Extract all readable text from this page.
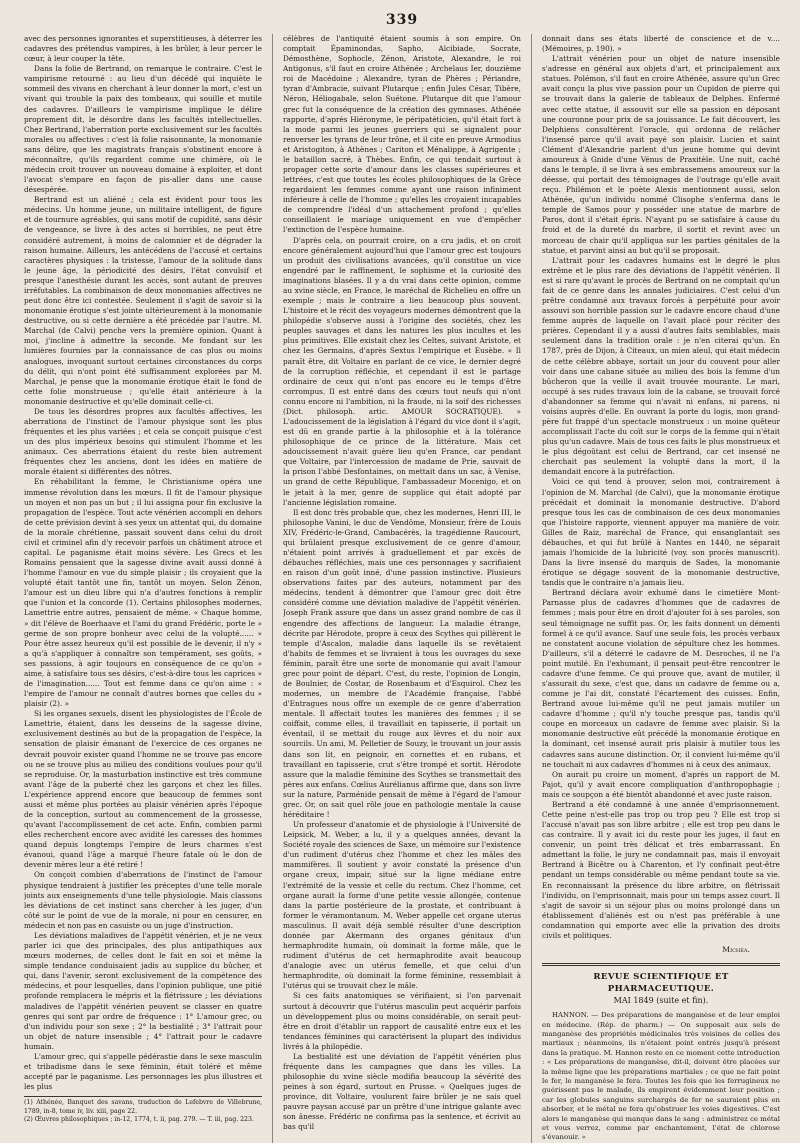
339

avec des personnes ignorantes et superstitieuses, à déterrer les cadavres des prétendus vampires, à les brûler, à leur percer le cœur, à leur couper la tête.

Dans la folie de Bertrand, on remarque le contraire. C'est le vampirisme retourné : au lieu d'un décédé qui inquiète le sommeil des vivans en cherchant à leur donner la mort, c'est un vivant qui trouble la paix des tombeaux, qui souille et mutile des cadavres. D'ailleurs le vampirisme implique le délire proprement dit, le désordre dans les facultés intellectuelles. Chez Bertrand, l'aberration porte exclusivement sur les facultés morales ou affectives : c'est là folie raisonnante, la monomanie sans délire, que les magistrats français s'obstinent encore à méconnaître, qu'ils regardent comme une chimère, où le médecin croit trouver un nouveau domaine à exploiter, et dont l'avocat s'empare en façon de pis-aller dans une cause désespérée.

Bertrand est un aliéné ; cela est évident pour tous les médecins. Un homme jeune, un militaire intelligent, de figure et de tournure agréables, qui sans motif de cupidité, sans désir de vengeance, se livre à des actes si horribles, ne peut être considéré autrement, à moins de calomnier et de dégrader la raison humaine. Ailleurs, les antécédens de l'accusé et certains caractères physiques : la tristesse, l'amour de la solitude dans le jeune âge, la périodicité des désirs, l'état convulsif et presque l'anesthésie durant les accès, sont autant de preuves irréfutables. La combinaison de deux monomanies affectives ne peut donc être ici contestée. Seulement il s'agit de savoir si la monomanie érotique s'est jointe ultérieurement à la monomanie destructive, ou si cette dernière a été précédée par l'autre. M. Marchal (de Calvi) penche vers la première opinion. Quant à moi, j'incline à admettre la seconde. Me fondant sur les lumières fournies par la connaissance de cas plus ou moins analogues, invoquant surtout certaines circonstances du corps du délit, qui n'ont point été suffisamment explorées par M. Marchal, je pense que la monomanie érotique était le fond de cette folie monstrueuse ; qu'elle était antérieure à la monomanie destructive et qu'elle dominait celle-ci.

De tous les désordres propres aux facultés affectives, les aberrations de l'instinct de l'amour physique sont les plus fréquentes et les plus variées ; et cela se conçoit puisque c'est un des plus impérieux besoins qui stimulent l'homme et les animaux. Ces aberrations étaient du reste bien autrement fréquentes chez les anciens, dont les idées en matière de morale étaient si différentes des nôtres.

En réhabilitant la femme, le Christianisme opéra une immense révolution dans les mœurs. Il fit de l'amour physique un moyen et non pas un but ; il lui assigna pour fin exclusive la propagation de l'espèce. Tout acte vénérien accompli en dehors de cette prévision devint à ses yeux un attentat qui, du domaine de la morale chrétienne, passait souvent dans celui du droit civil et criminel afin d'y recevoir parfois un châtiment atroce et capital. Le paganisme était moins sévère. Les Grecs et les Romains pensaient que la sagesse divine avait aussi donné à l'homme l'amour en vue du simple plaisir ; ils croyaient que la volupté était tantôt une fin, tantôt un moyen. Selon Zénon, l'amour est un dieu libre qui n'a d'autres fonctions à remplir que l'union et la concorde (1). Certains philosophes modernes, Lamettrie entre autres, pensaient de même. « Chaque homme, » dit l'élève de Boerhaave et l'ami du grand Frédéric, porte le » germe de son propre bonheur avec celui de la volupté...... » Pour être assez heureux qu'il est possible de le devenir, il n'y » a qu'à s'appliquer à connaître son tempérament, ses goûts, » ses passions, à agir toujours en conséquence de ce qu'on » aime, à satisfaire tous ses désirs, c'est-à-dire tous les caprices » de l'imagination...... Tout est femme dans ce qu'on aime : » l'empire de l'amour ne connaît d'autres bornes que celles du » plaisir (2). »

Si les organes sexuels, disent les physiologistes de l'École de Lamettrie, étaient, dans les desseins de la sagesse divine, exclusivement destinés au but de la propagation de l'espèce, la sensation de plaisir émanant de l'exercice de ces organes ne devrait pouvoir exister quand l'homme ne se trouve pas encore ou ne se trouve plus au milieu des conditions voulues pour qu'il se reproduise. Or, la masturbation instinctive est très commune avant l'âge de la puberté chez les garçons et chez les filles. L'expérience apprend encore que beaucoup de femmes sont aussi et même plus portées au plaisir vénérien après l'époque de la conception, surtout au commencement de la grossesse, qu'avant l'accomplissement de cet acte. Enfin, combien parmi elles recherchent encore avec avidité les caresses des hommes quand depuis longtemps l'empire de leurs charmes s'est évanoui, quand l'âge a marqué l'heure fatale où le don de devenir mères leur a été retiré !

On conçoit combien d'aberrations de l'instinct de l'amour physique tendraient à justifier les préceptes d'une telle morale joints aux enseignements d'une telle physiologie. Mais classons les déviations de cet instinct sans chercher à les juger, d'un côté sur le point de vue de la morale, ni pour en censurer, en médecin et non pas en casuiste ou un juge d'instruction.

Les déviations maladives de l'appétit vénérien, et je ne veux parler ici que des principales, des plus antipathiques aux mœurs modernes, de celles dont le fait en soi et même la simple tendance conduisaient jadis au supplice du bûcher, et qui, dans l'avenir, seront exclusivement de la compétence des médecins, et pour lesquelles, dans l'opinion publique, une pitié profonde remplacera le mépris et la flétrissure ; les déviations maladives de l'appétit vénérien peuvent se classer en quatre genres qui sont par ordre de fréquence : 1° L'amour grec, ou d'un individu pour son sexe ; 2° la bestialité ; 3° l'attrait pour un objet de nature insensible ; 4° l'attrait pour le cadavre humain.

L'amour grec, qui s'appelle pédérastie dans le sexe masculin et tribadisme dans le sexe féminin, était toléré et même accepté par le paganisme. Les personnages les plus illustres et les plus

(1) Athénée, Banquet des savans, traduction de Lefebvre de Villebrune, 1789, in-8, tome iv, liv. xiii, page 22.

(2) Œuvres philosophiques ; in-12, 1774, t. ii, pag. 279. — T. iii, pag. 223.

célèbres de l'antiquité étaient soumis à son empire. On comptait Épaminondas, Sapho, Alcibiade, Socrate, Démosthène, Sophocle, Zénon, Aristote, Alexandre, le roi Antigonus, s'il faut en croire Athénée ; Archelaus Ier, douzième roi de Macédoine ; Alexandre, tyran de Phères ; Périandre, tyran d'Ambracie, suivant Plutarque ; enfin Jules César, Tibère, Néron, Héliogabale, selon Suétone. Plutarque dit que l'amour grec fut la conséquence de la création des gymnases. Athénée rapporte, d'après Hiéronyme, le péripatéticien, qu'il était fort à la mode parmi les jeunes guerriers qui se signalent pour renverser les tyrans de leur trône, et il cite en preuve Armodius et Aristogiton, à Athènes ; Cariton et Ménalippe, à Agrigente ; le bataillon sacré, à Thèbes. Enfin, ce qui tendait surtout à propager cette sorte d'amour dans les classes supérieures et lettrées, c'est que toutes les écoles philosophiques de la Grèce regardaient les femmes comme ayant une raison infiniment inférieure à celle de l'homme ; qu'elles les croyaient incapables de comprendre l'idéal d'un attachement profond ; qu'elles conseillaient le mariage uniquement en vue d'empêcher l'extinction de l'espèce humaine.

D'après cela, on pourrait croire, on a cru jadis, et on croit encore généralement aujourd'hui que l'amour grec est toujours un produit des civilisations avancées, qu'il constitue un vice engendré par le raffinement, le sophisme et la curiosité des imaginations blasées. Il y a du vrai dans cette opinion, comme au xvine siècle, en France, le maréchal de Richelieu en offre un exemple ; mais le contraire a lieu beaucoup plus souvent. L'histoire et le récit des voyageurs modernes démontrent que la philopédie s'observe aussi à l'origine des sociétés, chez les peuples sauvages et dans les natures les plus incultes et les plus primitives. Elle existait chez les Celtes, suivant Aristote, et chez les Germains, d'après Sextus l'empirique et Eusèbe. « Il paraît être, dit Voltaire en parlant de ce vice, le dernier degré de la corruption réfléchie, et cependant il est le partage ordinaire de ceux qui n'ont pas encore eu le temps d'être corrompus. Il est entré dans des cœurs tout neufs qui n'ont connu encore ni l'ambition, ni la fraude, ni la soif des richesses (Dict. philosoph. artic. AMOUR SOCRATIQUE). » L'adoucissement de la législation à l'égard du vice dont il s'agit, est dû en grande partie à la philosophie et à la tolérance philosophique de ce prince de la littérature. Mais cet adoucissement n'avait guère lieu qu'en France, car pendant que Voltaire, par l'intercession de madame de Prie, sauvait de la prison l'abbé Desfontaines, on mettait dans un sac, à Venise, un grand de cette République, l'ambassadeur Mocenigo, et on le jetait à la mer, genre de supplice qui était adopté par l'ancienne législation romaine.

Il est donc très probable que, chez les modernes, Henri III, le philosophe Vanini, le duc de Vendôme, Monsieur, frère de Louis XIV, Frédéric-le-Grand, Cambacérès, la tragédienne Raucourt, qui brûlaient presque exclusivement de ce genre d'amour, n'étaient point arrivés à graduellement et par excès de débauches réfléchies, mais une ces personnages y sacrifiaient en raison d'un goût inné, d'une passion instinctive. Plusieurs observations faites par des auteurs, notamment par des médecins, tendent à démontrer que l'amour grec doit être considéré comme une déviation maladive de l'appétit vénérien. Joseph Frank assure que dans un assez grand nombre de cas il engendre des affections de langueur. La maladie étrange, décrite par Hérodote, propre à ceux des Scythes qui pillèrent le temple d'Ascalon, maladie dans laquelle ils se revêtaient d'habits de femmes et se livraient à tous les ouvrages du sexe féminin, paraît être une sorte de monomanie qui avait l'amour grec pour point de départ. C'est, du reste, l'opinion de Longin, de Boulnier, de Costar, de Rosenbaum et d'Esquirol. Chez les modernes, un membre de l'Académie française, l'abbé d'Entragues nous offre un exemple de ce genre d'aberration mentale. Il affectait toutes les manières des femmes ; il se coiffait, comme elles, il travaillait en tapisserie, il portait un éventail, il se mettait du rouge aux lèvres et du noir aux sourcils. Un ami, M. Pelletier de Souzy, le trouvant un jour assis dans son lit, en peignoir, en cornettes et en rubans, et travaillant en tapisserie, crut s'être trompé et sortit. Hérodote assure que la maladie féminine des Scythes se transmettait des pères aux enfans. Cœlius Aurélianus affirme que, dans son livre sur la nature, Parménide pensait de même à l'égard de l'amour grec. Or, on sait quel rôle joue en pathologie mentale la cause héréditaire !

Un professeur d'anatomie et de physiologie à l'Université de Leipsick, M. Weber, a lu, il y a quelques années, devant la Société royale des sciences de Saxe, un mémoire sur l'existence d'un rudiment d'utérus chez l'homme et chez les mâles des mammifères. Il soutient y avoir constaté la présence d'un organe creux, impair, situé sur la ligne médiane entre l'extrémité de la vessie et celle du rectum. Chez l'homme, cet organe aurait la forme d'une petite vessie allongée, contenue dans la partie postérieure de la prostate, et contribuant à former le véramontanum. M. Weber appelle cet organe uterus masculinus. Il avait déjà semblé résulter d'une description donnée par Akermann des organes génitaux d'un hermaphrodite humain, où dominait la forme mâle, que le rudiment d'utérus de cet hermaphrodite avait beaucoup d'analogie avec un utérus femelle, et que celui d'un hermaphrodite, où dominait la forme féminine, ressemblait à l'utérus qui se trouvait chez le mâle.

Si ces faits anatomiques se vérifiaient, si l'on parvenait surtout à découvrir que l'utérus masculin peut acquérir parfois un développement plus ou moins considérable, on serait peut-être en droit d'établir un rapport de causalité entre eux et les tendances féminines qui caractérisent la plupart des individus livrés à la philopédie.

La bestialité est une déviation de l'appétit vénérien plus fréquente dans les campagnes que dans les villes. La philosophie du xvine siècle modifia beaucoup la sévérité des peines à son égard, surtout en Prusse. « Quelques juges de province, dit Voltaire, voulurent faire brûler je ne sais quel pauvre paysan accusé par un prêtre d'une intrigue galante avec son ânesse. Frédéric ne confirma pas la sentence, et écrivit au bas qu'il

donnait dans ses états liberté de conscience et de v.... (Mémoires, p. 190). »

L'attrait vénérien pour un objet de nature insensible s'adresse en général aux objets d'art, et principalement aux statues. Polémon, s'il faut en croire Athénée, assure qu'un Grec avait conçu la plus vive passion pour un Cupidon de pierre qui se trouvait dans la galerie de tableaux de Delphes. Enfermé avec cette statue, il assouvit sur elle sa passion en déposant une couronne pour prix de sa jouissance. Le fait découvert, les Delphiens consultèrent l'oracle, qui ordonna de relâcher l'insensé parce qu'il avait payé son plaisir. Lucien et saint Clément d'Alexandrie parlent d'un jeune homme qui devint amoureux à Gnide d'une Vénus de Praxitèle. Une nuit, caché dans le temple, il se livra à ses embrassemens amoureux sur la déesse, qui portait des témoignages de l'outrage qu'elle avait reçu. Philémon et le poète Alexis mentionnent aussi, selon Athénée, qu'un individu nommé Clisophe s'enferma dans le temple de Samos pour y posséder une statue de marbre de Paros, dont il s'était épris. N'ayant pu se satisfaire à cause du froid et de la dureté du marbre, il sortit et revint avec un morceau de chair qu'il appliqua sur les parties génitales de la statue, et parvint ainsi au but qu'il se proposait.

L'attrait pour les cadavres humains est le degré le plus extrême et le plus rare des déviations de l'appétit vénérien. Il est si rare qu'avant le procès de Bertrand on ne comptait qu'un fait de ce genre dans les annales judiciaires. C'est celui d'un prêtre condamné aux travaux forcés à perpétuité pour avoir assouvi son horrible passion sur le cadavre encore chaud d'une femme auprès de laquelle on l'avait placé pour réciter des prières. Cependant il y a aussi d'autres faits semblables, mais seulement dans la tradition orale : je n'en citerai qu'un. En 1787, près de Dijon, à Citeaux, un mien aïeul, qui était médecin de cette célèbre abbaye, sortait un jour du couvent pour aller voir dans une cabane située au milieu des bois la femme d'un bûcheron que la veille il avait trouvée mourante. Le mari, occupé à ses rudes travaux loin de la cabane, se trouvait forcé d'abandonner sa femme qui n'avait ni enfans, ni parens, ni voisins auprès d'elle. En ouvrant la porte du logis, mon grand-père fut frappé d'un spectacle monstrueux : un moine quêteur accomplissait l'acte du coït sur le corps de la femme qui n'était plus qu'un cadavre. Mais de tous ces faits le plus monstrueux et le plus dégoûtant est celui de Bertrand, car cet insensé ne cherchait pas seulement la volupté dans la mort, il la demandait encore à la putréfaction.

Voici ce qui tend à prouver, selon moi, contrairement à l'opinion de M. Marchal (de Calvi), que la monomanie érotique précédait et dominait la monomanie destructive. D'abord presque tous les cas de combinaison de ces deux monomanies que l'histoire rapporte, viennent appuyer ma manière de voir. Gilles de Raiz, maréchal de France, qui ensanglantait ses débauches, et qui fut brûlé à Nantes en 1440, ne séparait jamais l'homicide de la lubricité (voy. son procès manuscrit). Dans la livre insensé du marquis de Sades, la monomanie érotique se dégage souvent de la monomanie destructive, tandis que le contraire n'a jamais lieu.

Bertrand déclara avoir exhumé dans le cimetière Mont-Parnasse plus de cadavres d'hommes que de cadavres de femmes ; mais pour être en droit d'ajouter foi à ses paroles, son seul témoignage ne suffit pas. Or, les faits donnent un démenti formel à ce qu'il avance. Sauf une seule fois, les procès verbaux ne constatent aucune violation de sépulture chez les hommes. D'ailleurs, s'il a déterré le cadavre de M. Desroches, il ne l'a point mutilé. En l'exhumant, il pensait peut-être rencontrer le cadavre d'une femme. Ce qui prouve que, avant de mutiler, il s'assurait du sexe, c'est que, dans un cadavre de femme ou a, comme je l'ai dit, constaté l'écartement des cuisses. Enfin, Bertrand avoue lui-même qu'il ne peut jamais mutiler un cadavre d'homme ; qu'il n'y touche presque pas, tandis qu'il coupe en morceaux un cadavre de femme avec plaisir. Si la monomanie destructive eût précédé la monomanie érotique en la dominant, cet insensé aurait pris plaisir à mutiler tous les cadavres sans aucune distinction. Or, il convient lui-même qu'il ne touchait ni aux cadavres d'hommes ni à ceux des animaux.

On aurait pu croire un moment, d'après un rapport de M. Pajot, qu'il y avait encore compliquation d'anthropophagie ; mais ce soupçon a été bientôt abandonné et avec juste raison.

Bertrand a été condamné à une année d'emprisonnement. Cette peine n'est-elle pas trop ou trop peu ? Elle est trop si l'accusé n'avait pas son libre arbitre ; elle est trop peu dans le cas contraire. Il y avait ici du reste pour les juges, il faut en convenir, un point très délicat et très embarrassant. En admettant la folie, le jury ne condamnait pas, mais il envoyait Bertrand à Bicêtre ou à Charenton, et l'y confinait peut-être pendant un temps considérable ou même pendant toute sa vie. En reconnaissant la présence du libre arbitre, on flétrissait l'individu, on l'emprisonnait, mais pour un temps assez court. Il s'agit de savoir si un séjour plus ou moins prolongé dans un établissement d'aliénés est ou n'est pas préférable à une condamnation qui emporte avec elle la privation des droits civils et politiques.

Michéa.
REVUE SCIENTIFIQUE ET PHARMACEUTIQUE.
MAI 1849 (suite et fin).

HANNON. — Des préparations de manganèse et de leur emploi en médecine. (Rép. de pharm.) — On supposait aux sels de manganèse des propriétés médicinales très voisines de celles des martiaux ; néanmoins, ils n'étaient point entrés jusqu'à présent dans la pratique. M. Hannon reste en ce moment cette introduction : « Les préparations de manganèse, dit-il, doivent être placées sur la même ligne que les préparations martiales ; ce que ne fait point le fer, le manganèse le fera. Toutes les fois que les ferrugineux ne guérissent pas le malade, ils empirent évidemment leur position ; car les globules sanguins surchargés de fer ne sauraient plus en absorber, et le métal ne fera qu'obstruer les voies digestives. C'est alors le manganèse qui manque dans le sang : administrez ce métal et vous verrez, comme par enchantement, l'état de chlorose s'évanouir. »
